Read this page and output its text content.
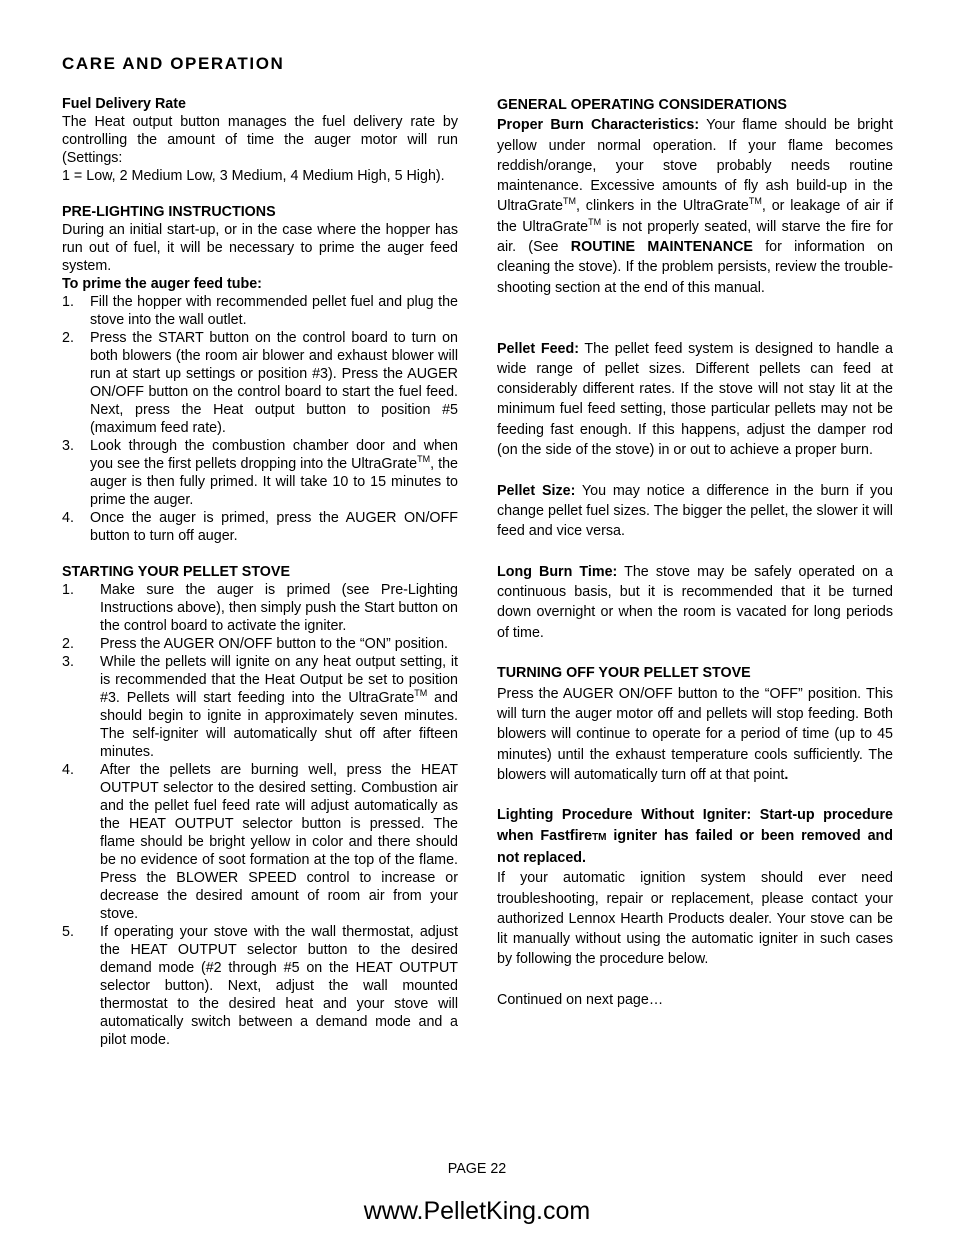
CARE AND OPERATION
Fuel Delivery Rate

The Heat output button manages the fuel delivery rate by controlling the amount of time the auger motor will run (Settings:

1 = Low, 2 Medium Low, 3 Medium, 4 Medium High, 5 High).

PRE-LIGHTING INSTRUCTIONS

During an initial start-up, or in the case where the hopper has run out of fuel, it will be necessary to prime the auger feed system.

To prime the auger feed tube:
1. Fill the hopper with recommended pellet fuel and plug the stove into the wall outlet.
2. Press the START button on the control board to turn on both blowers (the room air blower and exhaust blower will run at start up settings or position #3). Press the AUGER ON/OFF button on the control board to start the fuel feed. Next, press the Heat output button to position #5 (maximum feed rate).
3. Look through the combustion chamber door and when you see the first pellets dropping into the UltraGrate™, the auger is then fully primed. It will take 10 to 15 minutes to prime the auger.
4. Once the auger is primed, press the AUGER ON/OFF button to turn off auger.
STARTING YOUR PELLET STOVE
1. Make sure the auger is primed (see Pre-Lighting Instructions above), then simply push the Start button on the control board to activate the igniter.
2. Press the AUGER ON/OFF button to the “ON” position.
3. While the pellets will ignite on any heat output setting, it is recommended that the Heat Output be set to position #3. Pellets will start feeding into the UltraGrate™ and should begin to ignite in approximately seven minutes. The self-igniter will automatically shut off after fifteen minutes.
4. After the pellets are burning well, press the HEAT OUTPUT selector to the desired setting. Combustion air and the pellet fuel feed rate will adjust automatically as the HEAT OUTPUT selector button is pressed. The flame should be bright yellow in color and there should be no evidence of soot formation at the top of the flame. Press the BLOWER SPEED control to increase or decrease the desired amount of room air from your stove.
5. If operating your stove with the wall thermostat, adjust the HEAT OUTPUT selector button to the desired demand mode (#2 through #5 on the HEAT OUTPUT selector button). Next, adjust the wall mounted thermostat to the desired heat and your stove will automatically switch between a demand mode and a pilot mode.
GENERAL OPERATING CONSIDERATIONS

Proper Burn Characteristics: Your flame should be bright yellow under normal operation. If your flame becomes reddish/orange, your stove probably needs routine maintenance. Excessive amounts of fly ash build-up in the UltraGrate™, clinkers in the UltraGrate™, or leakage of air if the UltraGrate™ is not properly seated, will starve the fire for air. (See ROUTINE MAINTENANCE for information on cleaning the stove). If the problem persists, review the trouble-shooting section at the end of this manual.

Pellet Feed: The pellet feed system is designed to handle a wide range of pellet sizes. Different pellets can feed at considerably different rates. If the stove will not stay lit at the minimum fuel feed setting, those particular pellets may not be feeding fast enough. If this happens, adjust the damper rod (on the side of the stove) in or out to achieve a proper burn.

Pellet Size: You may notice a difference in the burn if you change pellet fuel sizes. The bigger the pellet, the slower it will feed and vice versa.

Long Burn Time: The stove may be safely operated on a continuous basis, but it is recommended that it be turned down overnight or when the room is vacated for long periods of time.

TURNING OFF YOUR PELLET STOVE

Press the AUGER ON/OFF button to the “OFF” position. This will turn the auger motor off and pellets will stop feeding. Both blowers will continue to operate for a period of time (up to 45 minutes) until the exhaust temperature cools sufficiently. The blowers will automatically turn off at that point.

Lighting Procedure Without Igniter: Start-up procedure when FastfireTM igniter has failed or been removed and not replaced.

If your automatic ignition system should ever need troubleshooting, repair or replacement, please contact your authorized Lennox Hearth Products dealer. Your stove can be lit manually without using the automatic igniter in such cases by following the procedure below.

Continued on next page…

PAGE 22
www.PelletKing.com
